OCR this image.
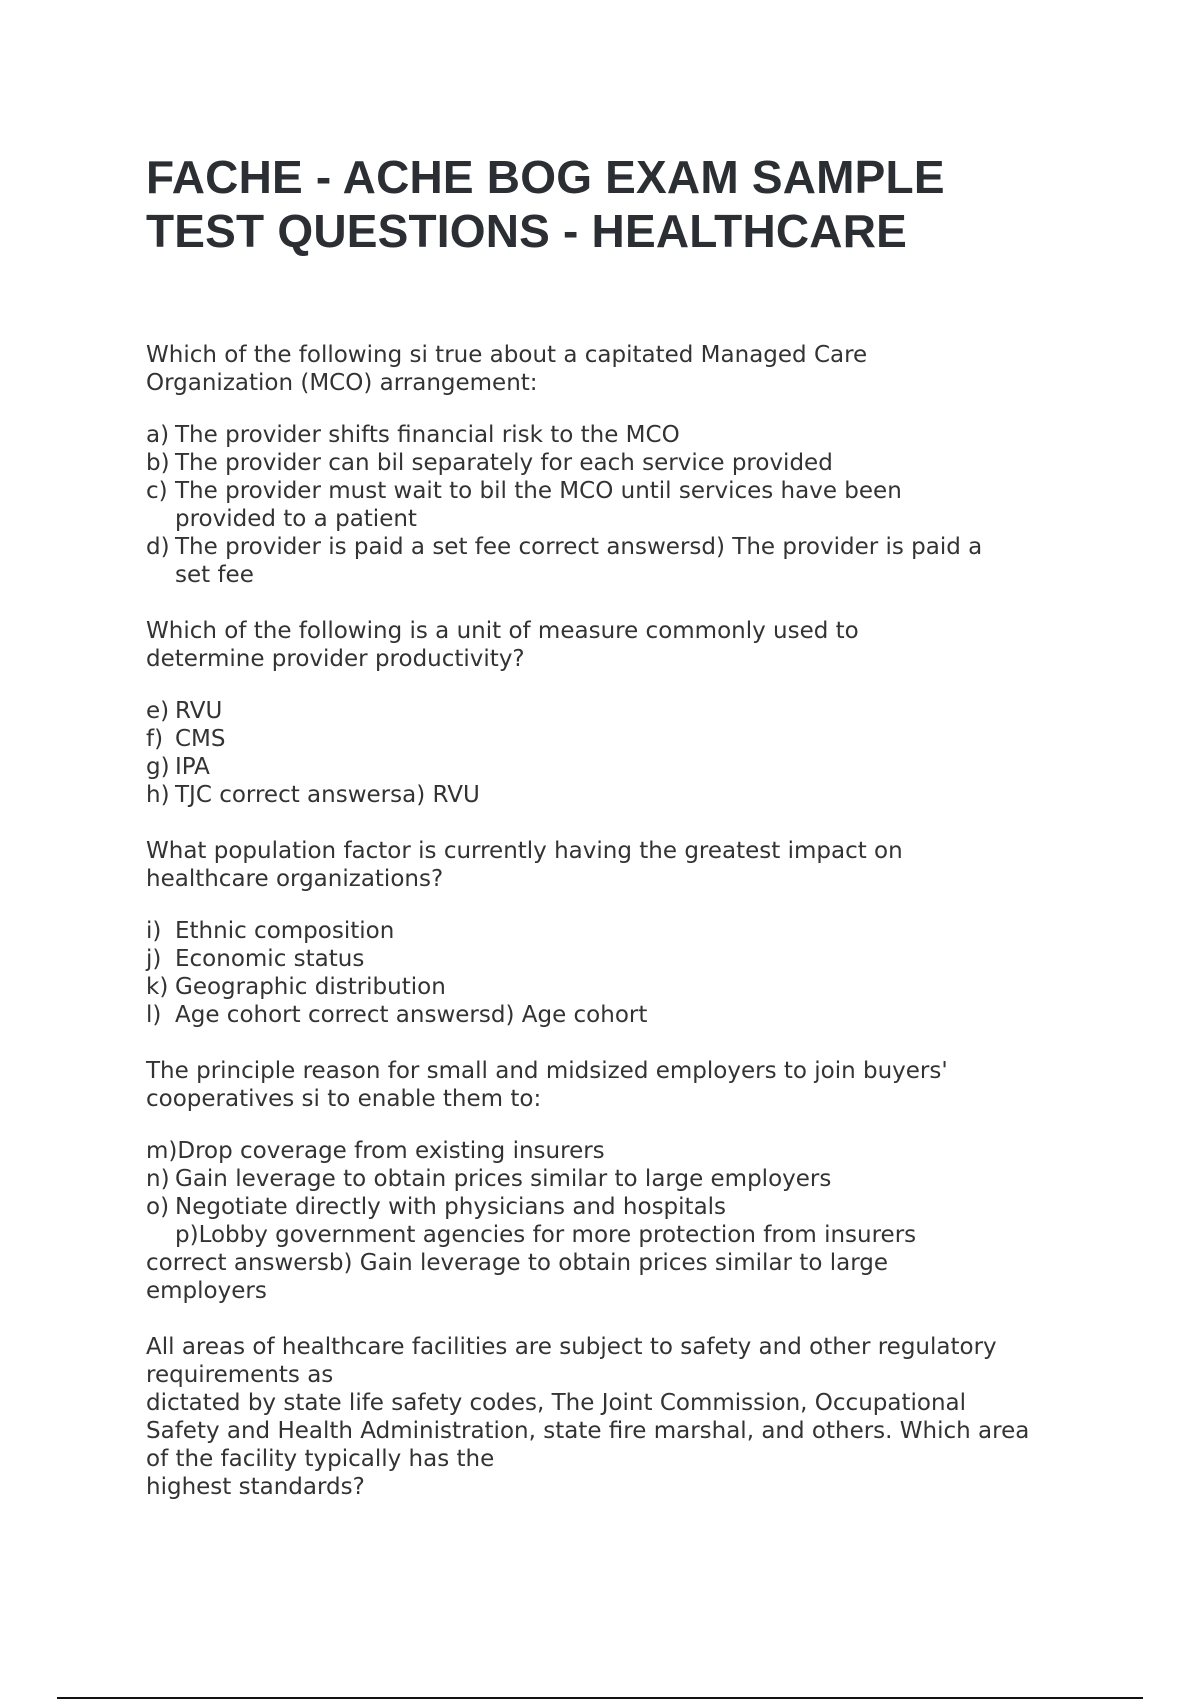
FACHE - ACHE BOG EXAM SAMPLE
TEST QUESTIONS - HEALTHCARE
Which of the following si true about a capitated Managed Care
Organization (MCO) arrangement:
a) The provider shifts financial risk to the MCO
b) The provider can bil separately for each service provided
c) The provider must wait to bil the MCO until services have been
provided to a patient
d) The provider is paid a set fee correct answersd) The provider is paid a
set fee
Which of the following is a unit of measure commonly used to
determine provider productivity?
e) RVU
f) CMS
g) IPA
h) TJC correct answersa) RVU
What population factor is currently having the greatest impact on
healthcare organizations?
i) Ethnic composition
j) Economic status
k) Geographic distribution
l) Age cohort correct answersd) Age cohort
The principle reason for small and midsized employers to join buyers'
cooperatives si to enable them to:
m) Drop coverage from existing insurers
n) Gain leverage to obtain prices similar to large employers
o) Negotiate directly with physicians and hospitals
p)Lobby government agencies for more protection from insurers
correct answersb) Gain leverage to obtain prices similar to large
employers
All areas of healthcare facilities are subject to safety and other regulatory
requirements as
dictated by state life safety codes, The Joint Commission, Occupational
Safety and Health Administration, state fire marshal, and others. Which area
of the facility typically has the
highest standards?
